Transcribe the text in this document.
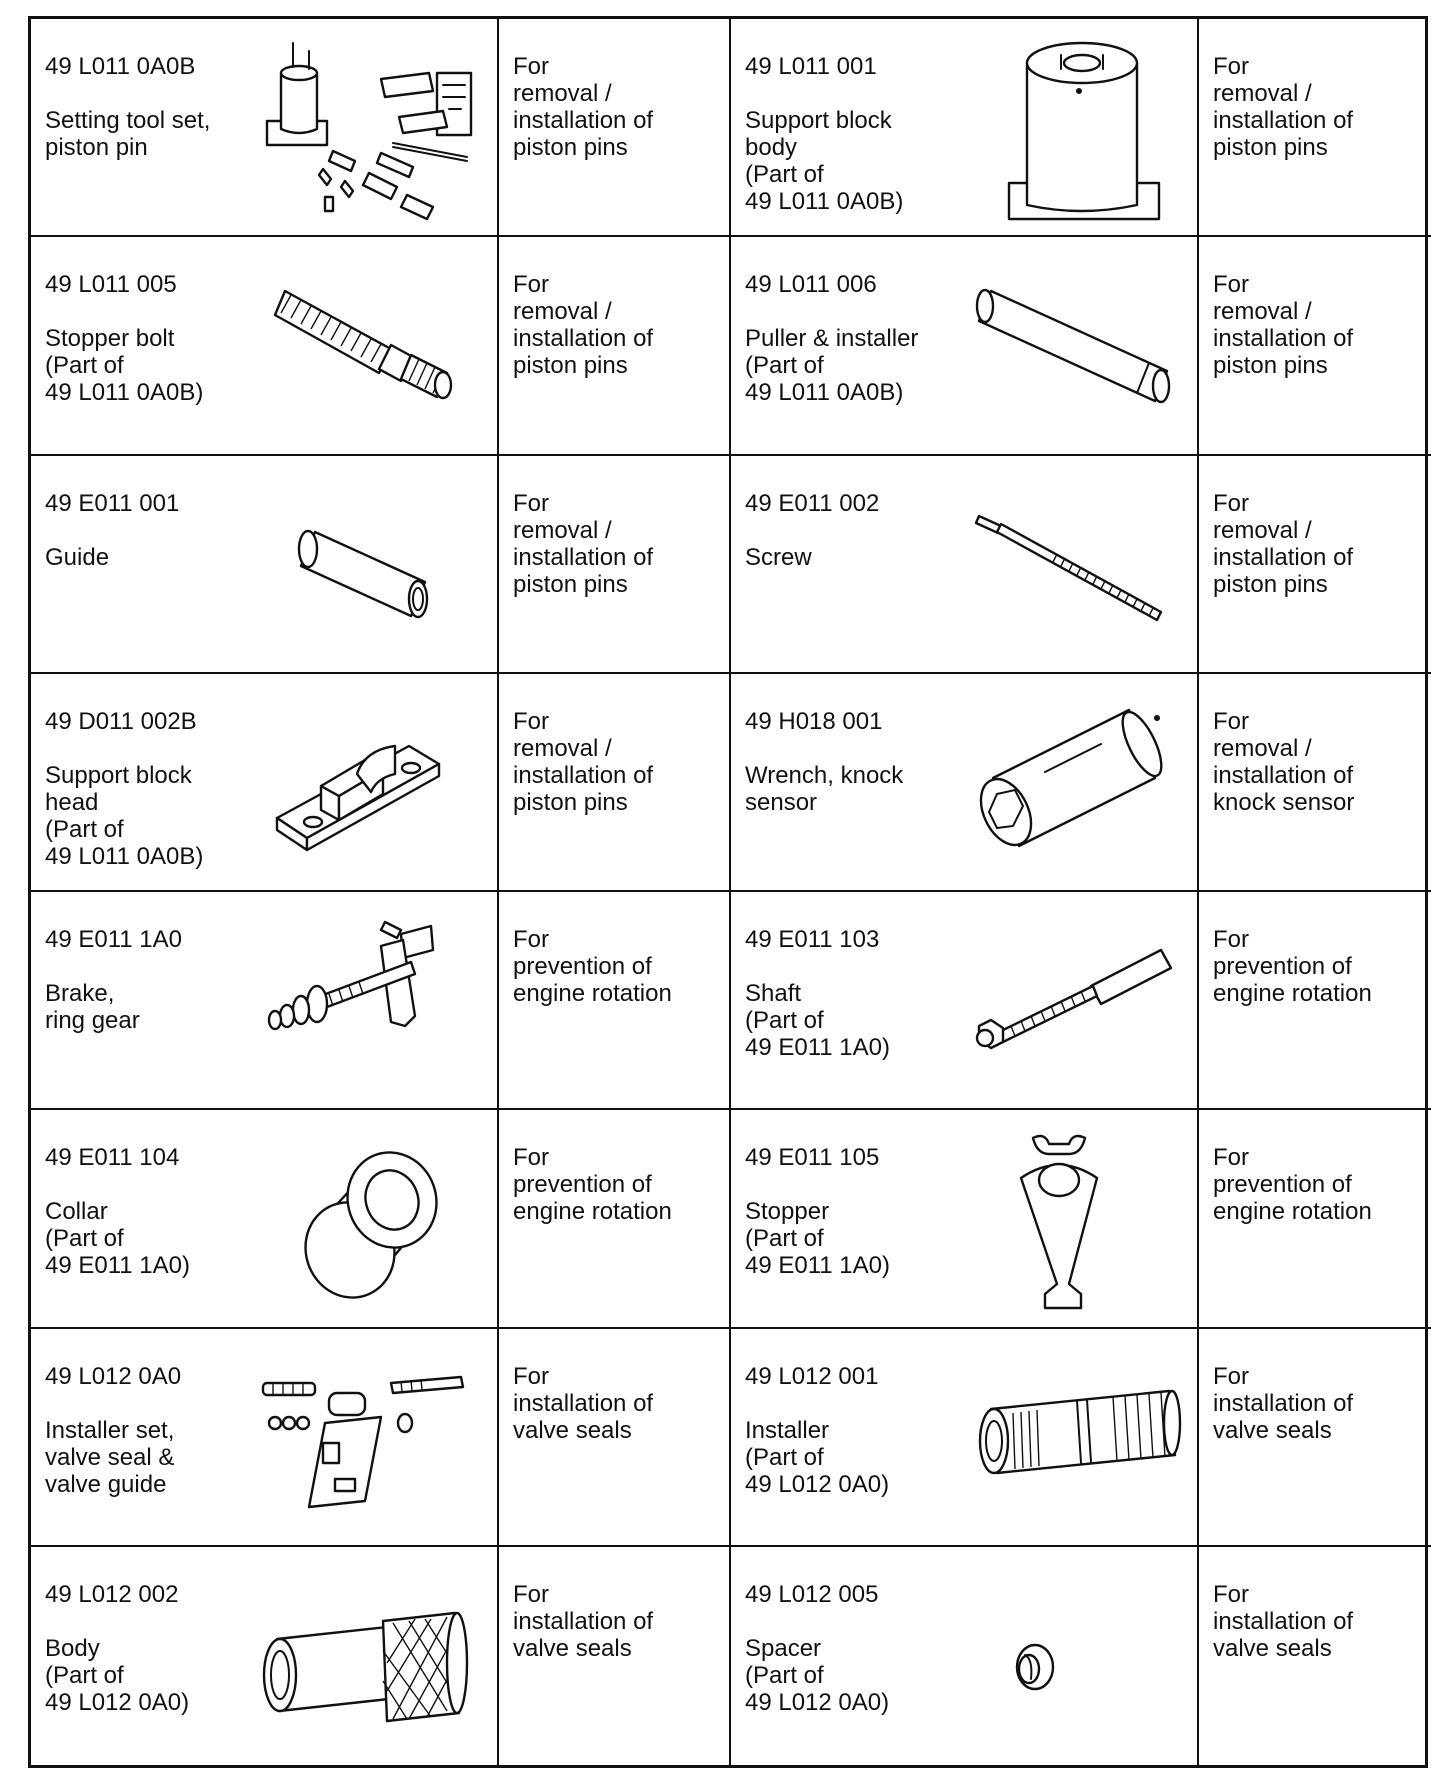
49 L011 0A0B
Setting tool set,
piston pin
For
removal /
installation of
piston pins
49 L011 001
Support block
body
(Part of
49 L011 0A0B)
For
removal /
installation of
piston pins
49 L011 005
Stopper bolt
(Part of
49 L011 0A0B)
For
removal /
installation of
piston pins
49 L011 006
Puller & installer
(Part of
49 L011 0A0B)
For
removal /
installation of
piston pins
49 E011 001
Guide
For
removal /
installation of
piston pins
49 E011 002
Screw
For
removal /
installation of
piston pins
49 D011 002B
Support block
head
(Part of
49 L011 0A0B)
For
removal /
installation of
piston pins
49 H018 001
Wrench, knock
sensor
For
removal /
installation of
knock sensor
49 E011 1A0
Brake,
ring gear
For
prevention of
engine rotation
49 E011 103
Shaft
(Part of
49 E011 1A0)
For
prevention of
engine rotation
49 E011 104
Collar
(Part of
49 E011 1A0)
For
prevention of
engine rotation
49 E011 105
Stopper
(Part of
49 E011 1A0)
For
prevention of
engine rotation
49 L012 0A0
Installer set,
valve seal &
valve guide
For
installation of
valve seals
49 L012 001
Installer
(Part of
49 L012 0A0)
For
installation of
valve seals
49 L012 002
Body
(Part of
49 L012 0A0)
For
installation of
valve seals
49 L012 005
Spacer
(Part of
49 L012 0A0)
For
installation of
valve seals
